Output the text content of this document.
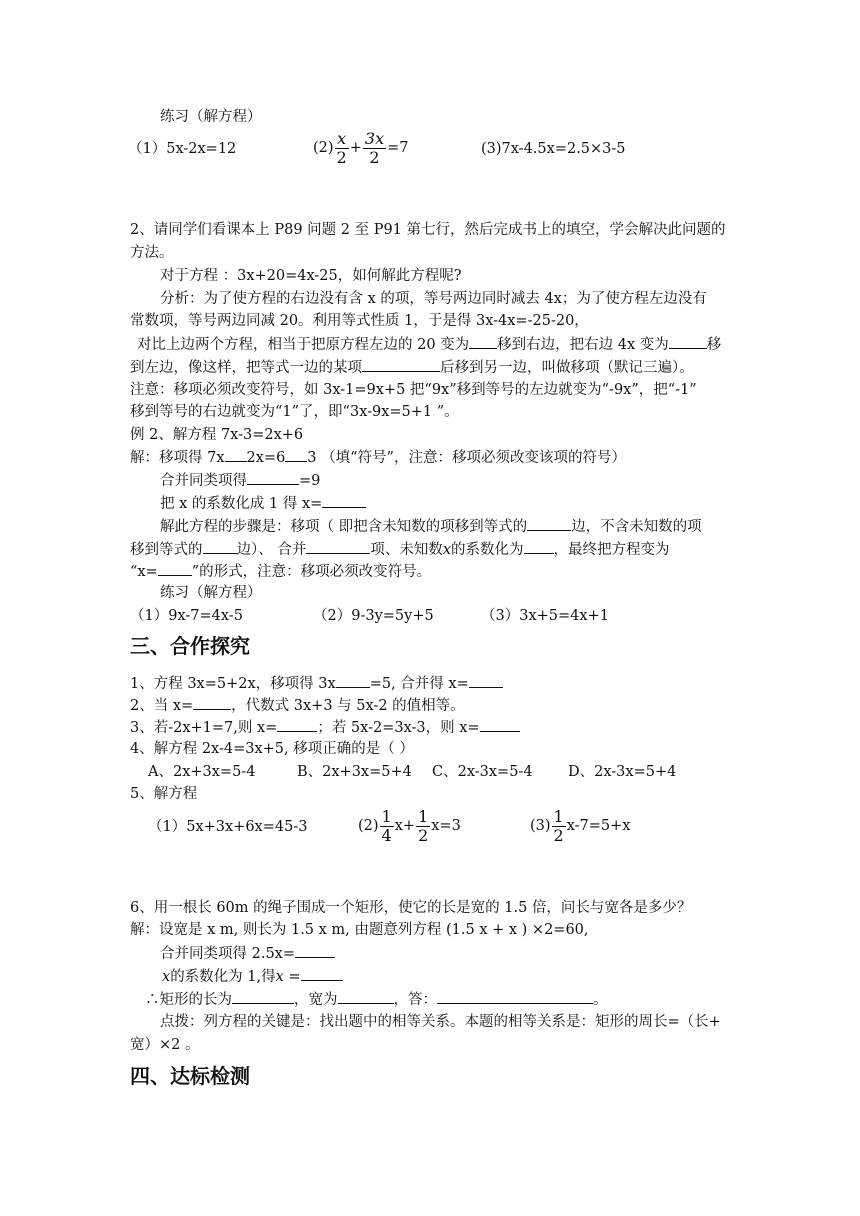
练习（解方程）
（1）5x-2x=12	$(2) \frac{x}{2} + \frac{3x}{2} =7$	(3)7x-4.5x=2.5×3-5
2、请同学们看课本上 P89 问题 2 至 P91 第七行，然后完成书上的填空，学会解决此问题的
方法。
对于方程 ：3x+20=4x-25，如何解此方程呢?
分析：为了使方程的右边没有含 x 的项，等号两边同时减去 4x；为了使方程左边没有
常数项，等号两边同减 20。利用等式性质 1，于是得 3x-4x=-25-20，
对比上边两个方程，相当于把原方程左边的 20 变为 移到右边，把右边 4x 变为	移
到左边，像这样，把等式一边的某项	后移到另一边，叫做移项（默记三遍）。
注意：移项必须改变符号，如 3x-1=9x+5 把“9x”移到等号的左边就变为“-9x”，把“-1”
移到等号的右边就变为“1”了，即“3x-9x=5+1 ”。
例 2、解方程 7x-3=2x+6
解：移项得 7x 2x=6 3 （填“符号”，注意：移项必须改变该项的符号）
合并同类项得	=9
把 x 的系数化成 1 得 x=
解此方程的步骤是：移项（ 即把含未知数的项移到等式的	边，不含未知数的项
移到等式的 边）、 合并	项、未知数x的系数化为 ，最终把方程变为
“x= ”的形式，注意：移项必须改变符号。
练习（解方程）
（1）9x-7=4x-5	（2）9-3y=5y+5	（3）3x+5=4x+1
三、合作探究
1、方程 3x=5+2x，移项得 3x =5, 合并得 x=
2、当 x=	，代数式 3x+3 与 5x-2 的值相等。
3、若-2x+1=7,则 x=	；若 5x-2=3x-3，则 x=
4、解方程 2x-4=3x+5, 移项正确的是（ ）
A、2x+3x=5-4	B、2x+3x=5+4 C、2x-3x=5-4 D、2x-3x=5+4
5、解方程
（1）5x+3x+6x=45-3	$(2) \frac{1}{4} x+ \frac{1}{2} x=3$	$(3) \frac{1}{2} x-7=5+x$
6、用一根长 60m 的绳子围成一个矩形，使它的长是宽的 1.5 倍，问长与宽各是多少？
解：设宽是 x m, 则长为 1.5 x m, 由题意列方程 (1.5 x + x ) ×2=60,
合并同类项得 2.5x=
x的系数化为 1,得x =
∴矩形的长为	，宽为	，答：	。
点拨：列方程的关键是：找出题中的相等关系。本题的相等关系是：矩形的周长=（长+
宽）×2 。
四、达标检测
